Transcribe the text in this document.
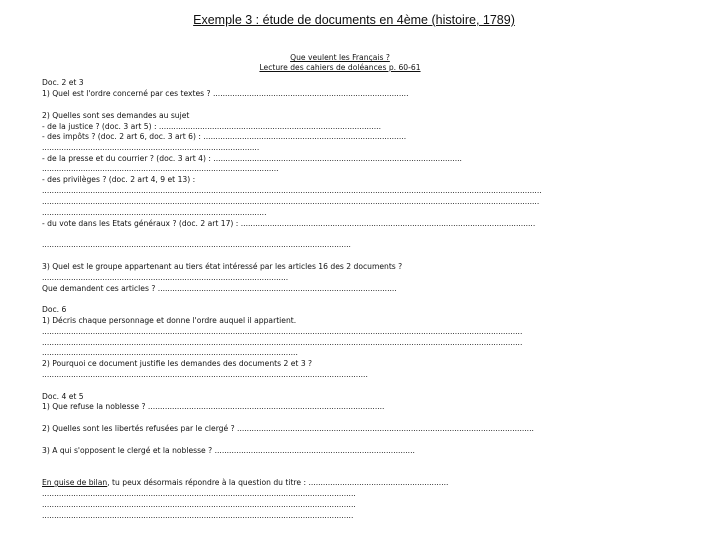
Exemple 3 : étude de documents en 4ème (histoire, 1789)
Que veulent les Français ?
Lecture des cahiers de doléances p. 60-61
Doc. 2 et 3
1) Quel est l'ordre concerné par ces textes ? .................................................................................
2) Quelles sont ses demandes au sujet
- de la justice ? (doc. 3 art 5) : ............................................................................................
- des impôts ? (doc. 2 art 6, doc. 3 art 6) : ....................................................................................
..........................................................................................
- de la presse et du courrier ? (doc. 3 art 4) : .......................................................................................................
..................................................................................................
- des privilèges ? (doc. 2 art 4, 9 et 13) :
...............................................................................................................................................................................................................
..............................................................................................................................................................................................................
.............................................................................................
- du vote dans les Etats généraux ? (doc. 2 art 17) : ..........................................................................................................................
................................................................................................................................
3) Quel est le groupe appartenant au tiers état intéressé par les articles 16 des 2 documents ?
......................................................................................................
Que demandent ces articles ? ...................................................................................................
Doc. 6
1) Décris chaque personnage et donne l'ordre auquel il appartient.
.......................................................................................................................................................................................................
.......................................................................................................................................................................................................
..........................................................................................................
2) Pourquoi ce document justifie les demandes des documents 2 et 3 ?
.......................................................................................................................................
Doc. 4 et 5
1) Que refuse la noblesse ? ..................................................................................................
2) Quelles sont les libertés refusées par le clergé ? ...........................................................................................................................
3) A qui s'opposent le clergé et la noblesse ? ...................................................................................
En guise de bilan, tu peux désormais répondre à la question du titre : ..........................................................
..................................................................................................................................
..................................................................................................................................
.................................................................................................................................
